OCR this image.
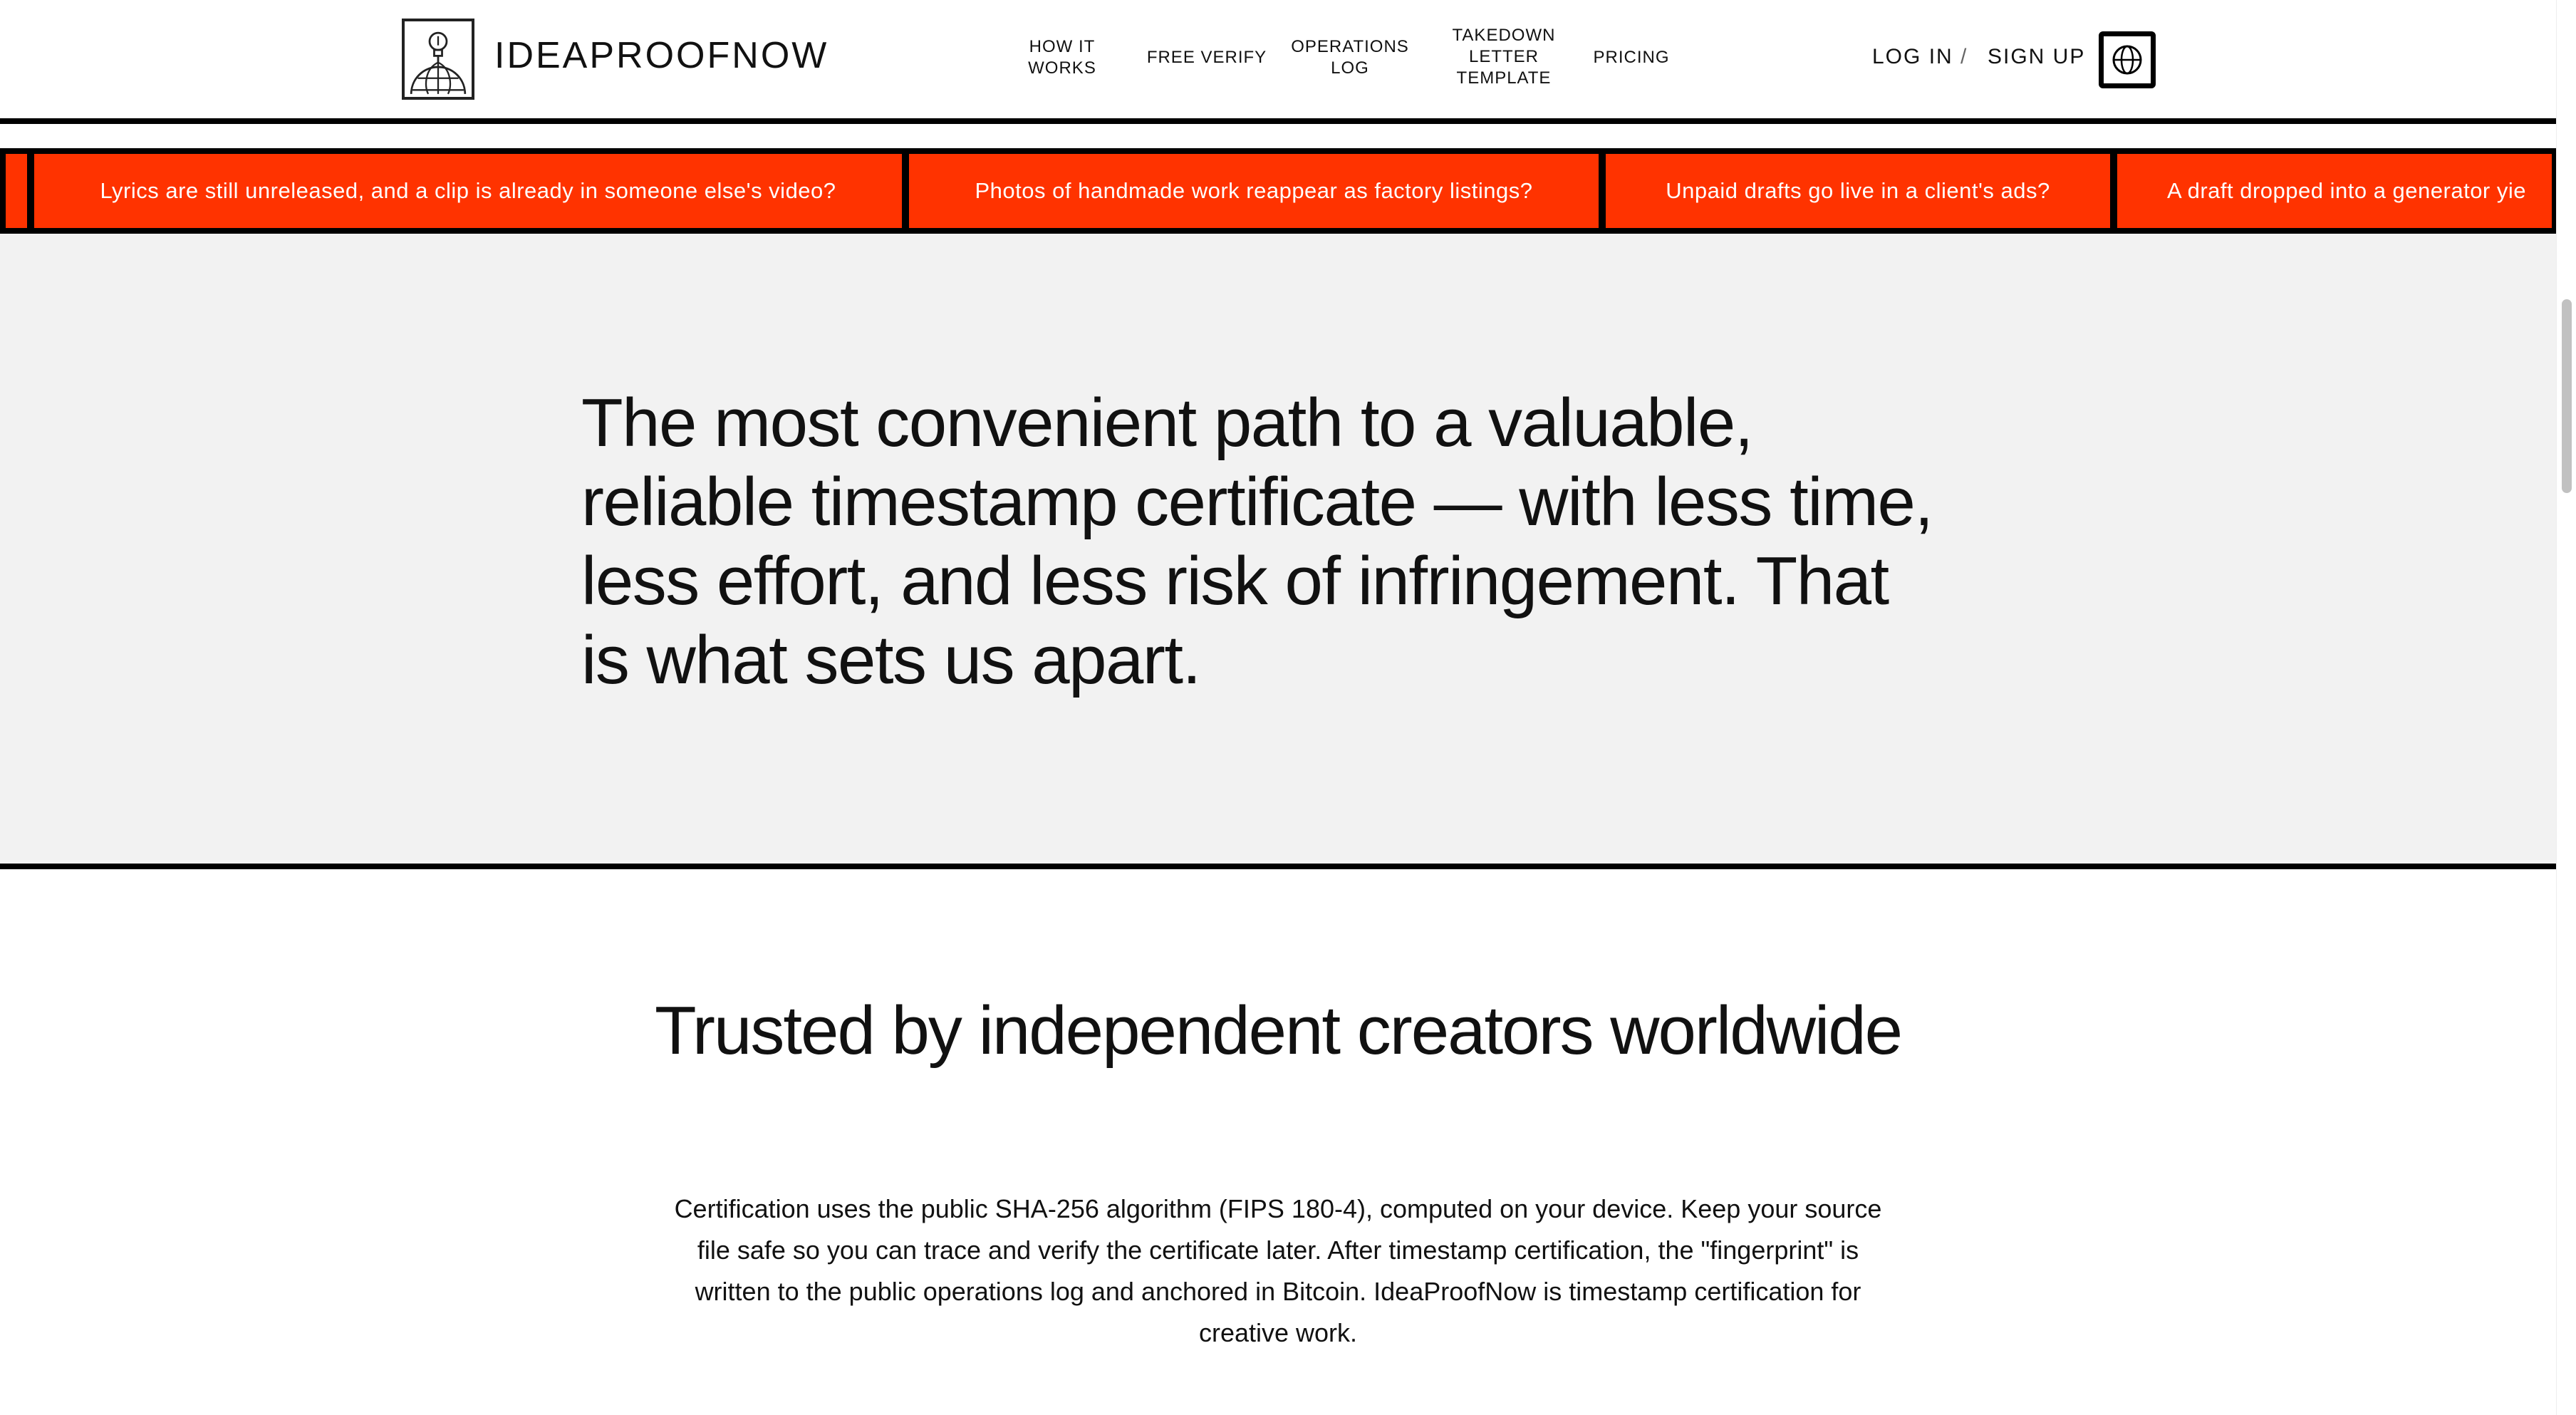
IDEAPROOFNOW	HOW IT
WORKS
FREE VERIFY
OPERATIONS
LOG
TAKEDOWN
LETTER
TEMPLATE
PRICING	LOG IN / SIGN UP
Lyrics are still unreleased, and a clip is already in someone else's video?	Photos of handmade work reappear as factory listings?	Unpaid drafts go live in a client's ads?	A draft dropped into a generator yie

The most convenient path to a valuable, reliable timestamp certificate — with less time, less effort, and less risk of infringement. That is what sets us apart.

Trusted by independent creators worldwide

Certification uses the public SHA-256 algorithm (FIPS 180-4), computed on your device. Keep your source file safe so you can trace and verify the certificate later. After timestamp certification, the "fingerprint" is written to the public operations log and anchored in Bitcoin. IdeaProofNow is timestamp certification for creative work.
